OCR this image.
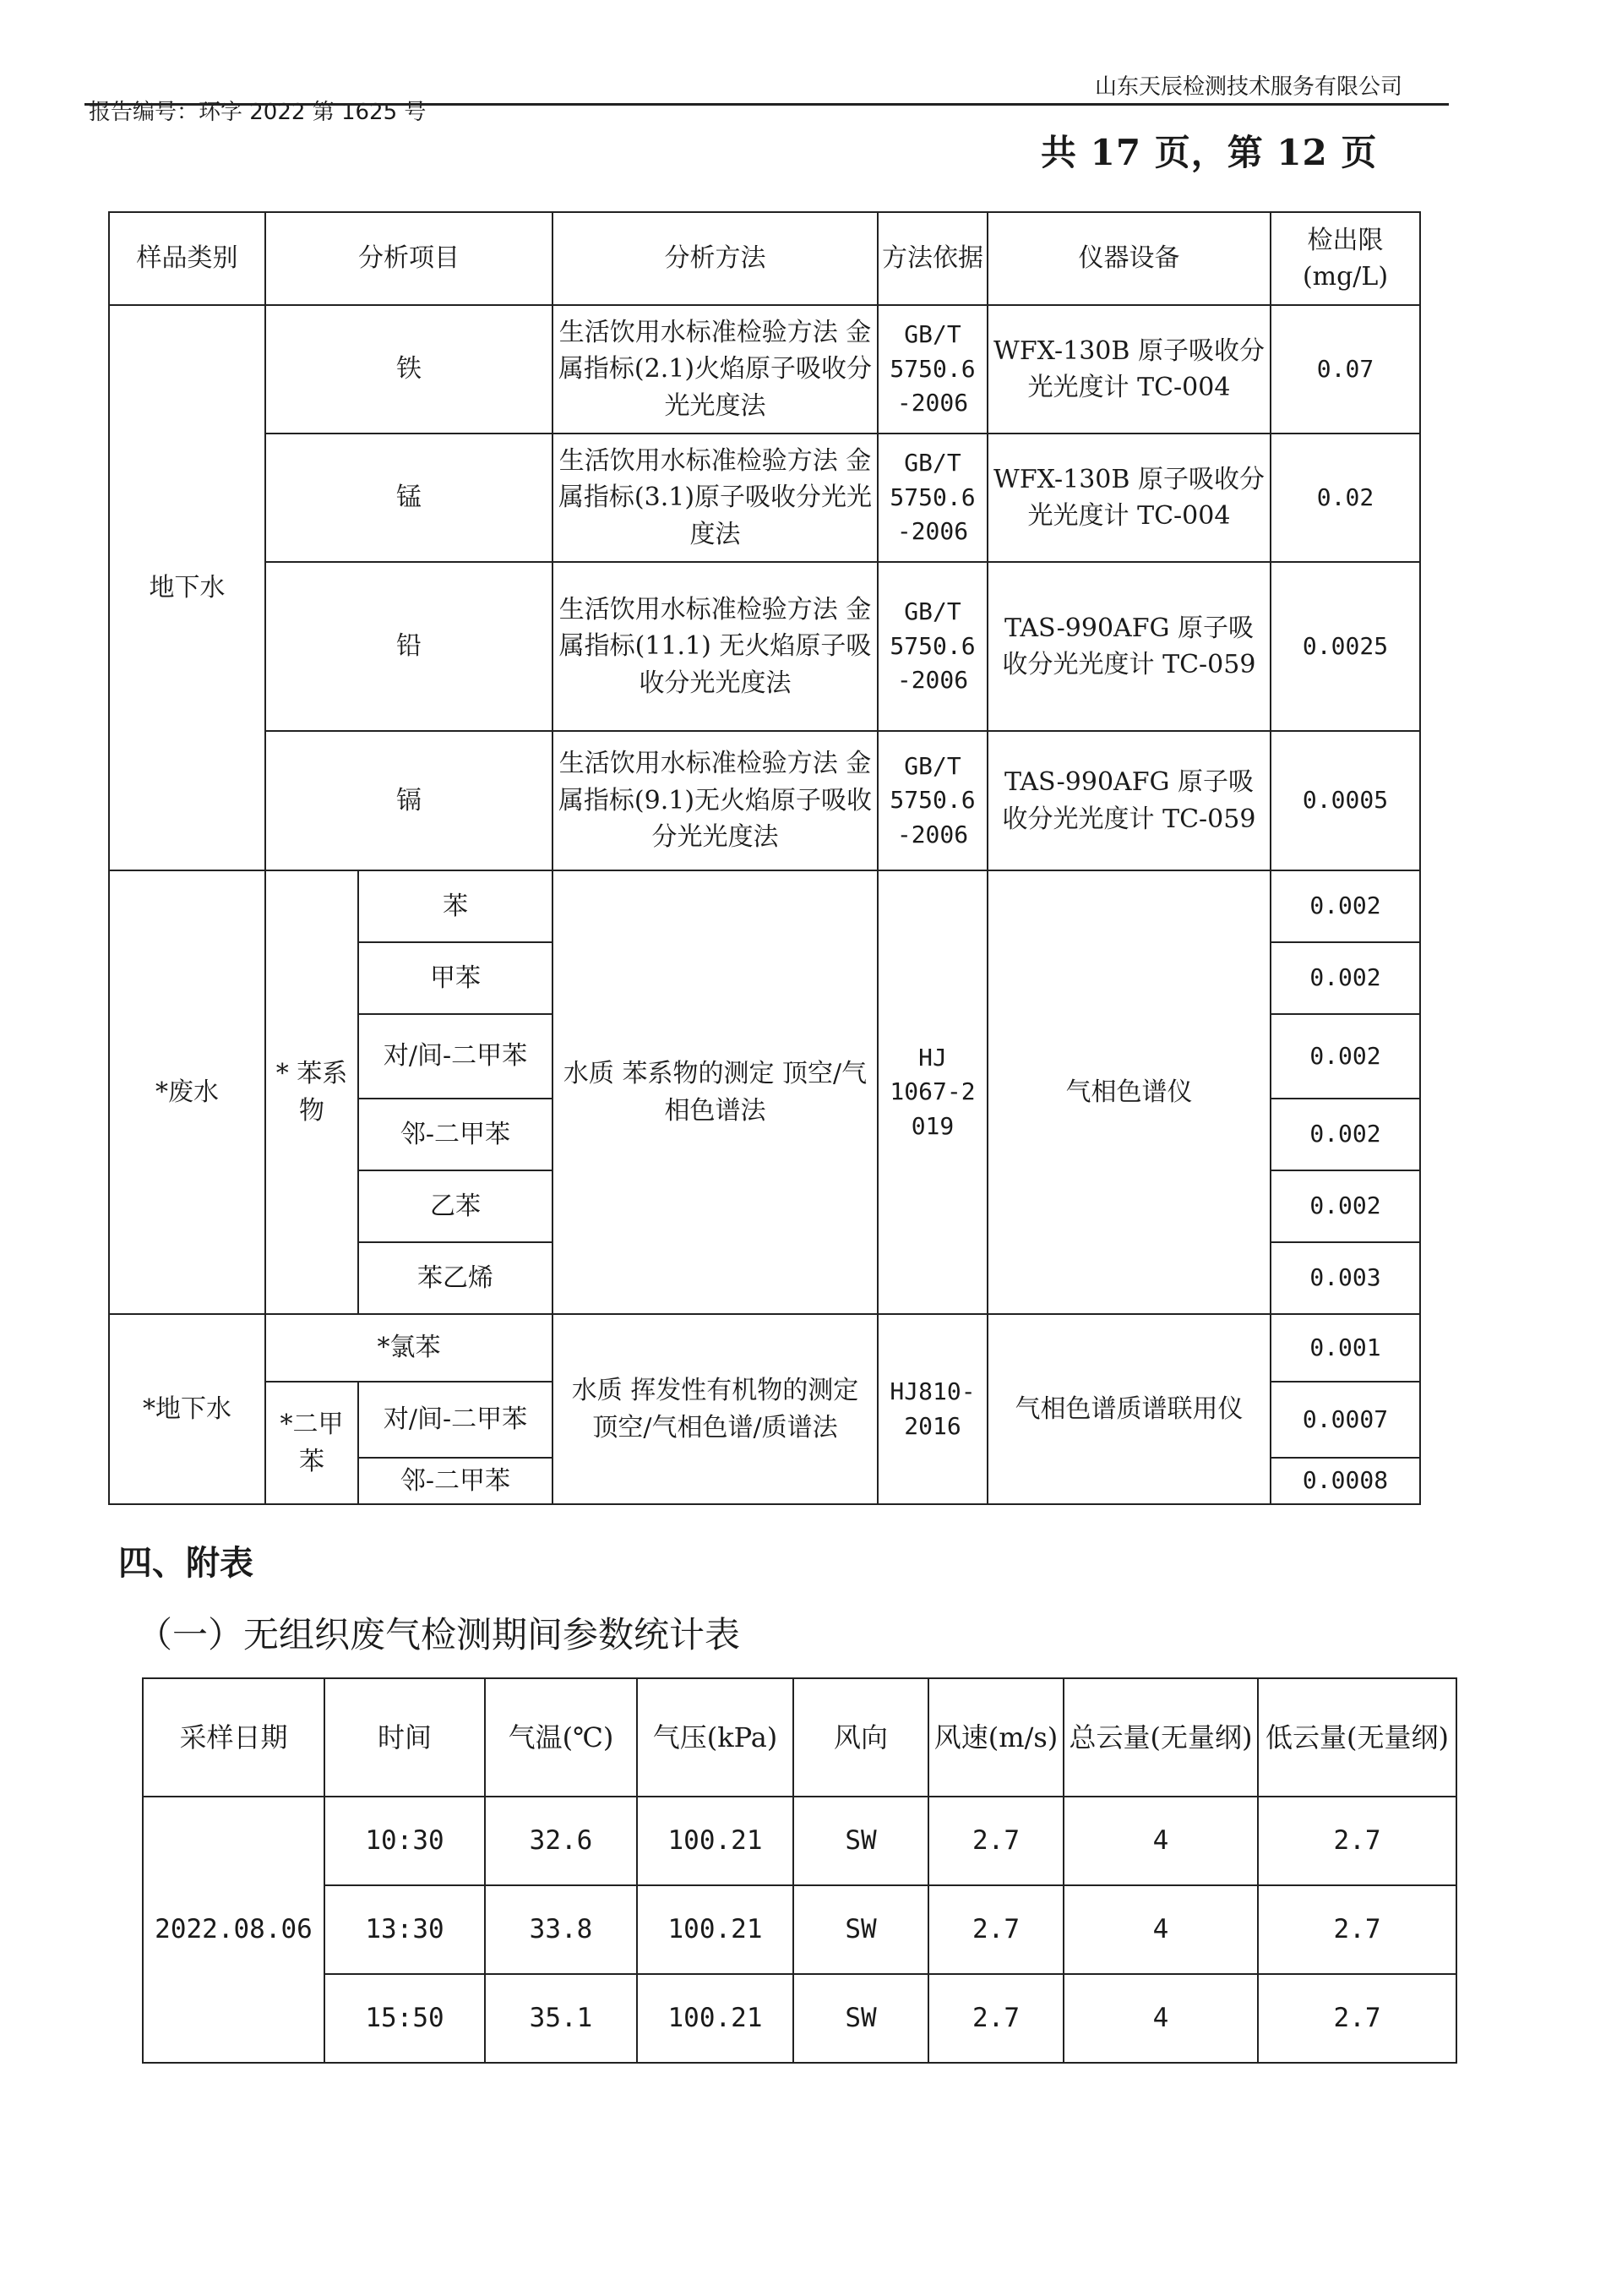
山东天辰检测技术服务有限公司
报告编号：环字 2022 第 1625 号
共 17 页，第 12 页
样品类别	分析项目		分析方法	方法依据	仪器设备	检出限(mg/L)
地下水	铁		生活饮用水标准检验方法 金属指标(2.1)火焰原子吸收分光光度法	GB/T 5750.6 -2006	WFX-130B 原子吸收分光光度计 TC-004	0.07
	锰		生活饮用水标准检验方法 金属指标(3.1)原子吸收分光光度法	GB/T 5750.6 -2006	WFX-130B 原子吸收分光光度计 TC-004	0.02
	铅		生活饮用水标准检验方法 金属指标(11.1) 无火焰原子吸收分光光度法	GB/T 5750.6 -2006	TAS-990AFG 原子吸收分光光度计 TC-059	0.0025
	镉		生活饮用水标准检验方法 金属指标(9.1)无火焰原子吸收分光光度法	GB/T 5750.6 -2006	TAS-990AFG 原子吸收分光光度计 TC-059	0.0005
*废水	* 苯系物	苯	水质 苯系物的测定 顶空/气相色谱法	HJ 1067-2 019	气相色谱仪	0.002
		甲苯				0.002
		对/间-二甲苯				0.002
		邻-二甲苯				0.002
		乙苯				0.002
		苯乙烯				0.003
*地下水	*氯苯		水质 挥发性有机物的测定 顶空/气相色谱/质谱法	HJ810-2016	气相色谱质谱联用仪	0.001
	*二甲苯	对/间-二甲苯				0.0007
		邻-二甲苯				0.0008
四、附表
（一）无组织废气检测期间参数统计表
采样日期	时间	气温(℃)	气压(kPa)	风向	风速(m/s)	总云量(无量纲)	低云量(无量纲)
2022.08.06	10:30	32.6	100.21	SW	2.7	4	2.7
	13:30	33.8	100.21	SW	2.7	4	2.7
	15:50	35.1	100.21	SW	2.7	4	2.7
